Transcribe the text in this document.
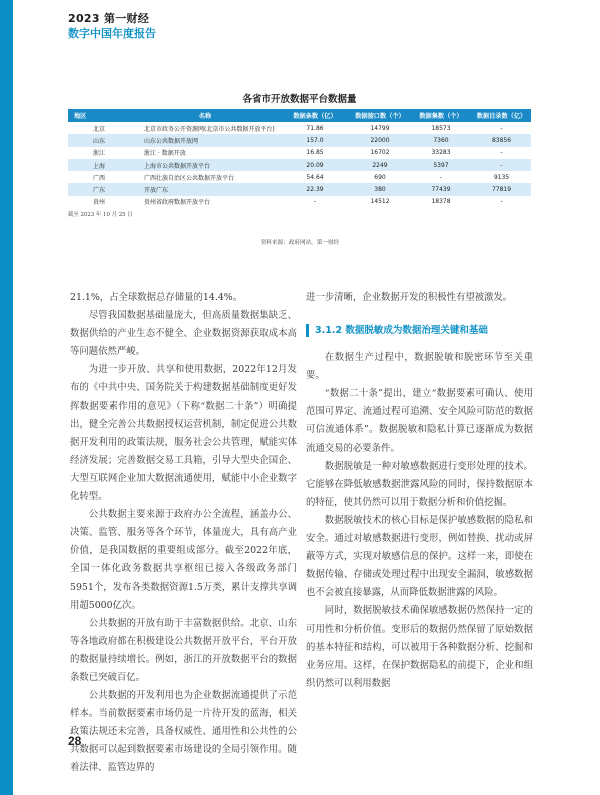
2023 第一财经
数字中国年度报告
各省市开放数据平台数据量
地区	名称	数据条数（亿）	数据接口数（个）	数据集数（个）	数据目录数（亿）
北京	北京市政务公开资源网(北京市公共数据开放平台)	71.86	14799	18573	-
山东	山东公共数据开放网	157.0	22000	7360	83856
浙江	浙江 · 数据开放	16.85	16702	33283	-
上海	上海市公共数据开放平台	20.09	2249	5397	-
广西	广西壮族自治区公共数据开放平台	54.64	690	-	9135
广东	开放广东	22.39	380	77439	77819
贵州	贵州省政府数据开放平台	-	14512	18378	-
截至 2023 年 10 月 25 日
资料来源：政府网站，第一财经

21.1%，占全球数据总存储量的14.4%。

尽管我国数据基础量庞大，但高质量数据集缺乏、数据供给的产业生态不健全、企业数据资源获取成本高等问题依然严峻。

为进一步开放、共享和使用数据，2022年12月发布的《中共中央、国务院关于构建数据基础制度更好发挥数据要素作用的意见》（下称“数据二十条”）明确提出，健全完善公共数据授权运营机制，制定促进公共数据开发利用的政策法规，服务社会公共管理，赋能实体经济发展；完善数据交易工具箱，引导大型央企国企、大型互联网企业加大数据流通使用，赋能中小企业数字化转型。

公共数据主要来源于政府办公全流程，涵盖办公、决策、监管、服务等各个环节，体量庞大，具有高产业价值，是我国数据的重要组成部分。截至2022年底，全国一体化政务数据共享枢纽已接入各级政务部门5951个，发布各类数据资源1.5万类，累计支撑共享调用超5000亿次。

公共数据的开放有助于丰富数据供给。北京、山东等各地政府都在积极建设公共数据开放平台，平台开放的数据量持续增长。例如，浙江的开放数据平台的数据条数已突破百亿。

公共数据的开发利用也为企业数据流通提供了示范样本。当前数据要素市场仍是一片待开发的蓝海，相关政策法规还未完善，具备权威性、通用性和公共性的公共数据可以起到数据要素市场建设的全局引领作用。随着法律、监管边界的

进一步清晰，企业数据开发的积极性有望被激发。

3.1.2 数据脱敏成为数据治理关键和基础

在数据生产过程中，数据脱敏和脱密环节至关重要。

“数据二十条”提出，建立“数据要素可确认、使用范围可界定、流通过程可追溯、安全风险可防范的数据可信流通体系”。数据脱敏和隐私计算已逐渐成为数据流通交易的必要条件。

数据脱敏是一种对敏感数据进行变形处理的技术。它能够在降低敏感数据泄露风险的同时，保持数据原本的特征，使其仍然可以用于数据分析和价值挖掘。

数据脱敏技术的核心目标是保护敏感数据的隐私和安全。通过对敏感数据进行变形，例如替换、扰动或屏蔽等方式，实现对敏感信息的保护。这样一来，即使在数据传输、存储或处理过程中出现安全漏洞，敏感数据也不会被直接暴露，从而降低数据泄露的风险。

同时，数据脱敏技术确保敏感数据仍然保持一定的可用性和分析价值。变形后的数据仍然保留了原始数据的基本特征和结构，可以被用于各种数据分析、挖掘和业务应用。这样，在保护数据隐私的前提下，企业和组织仍然可以利用数据

28
